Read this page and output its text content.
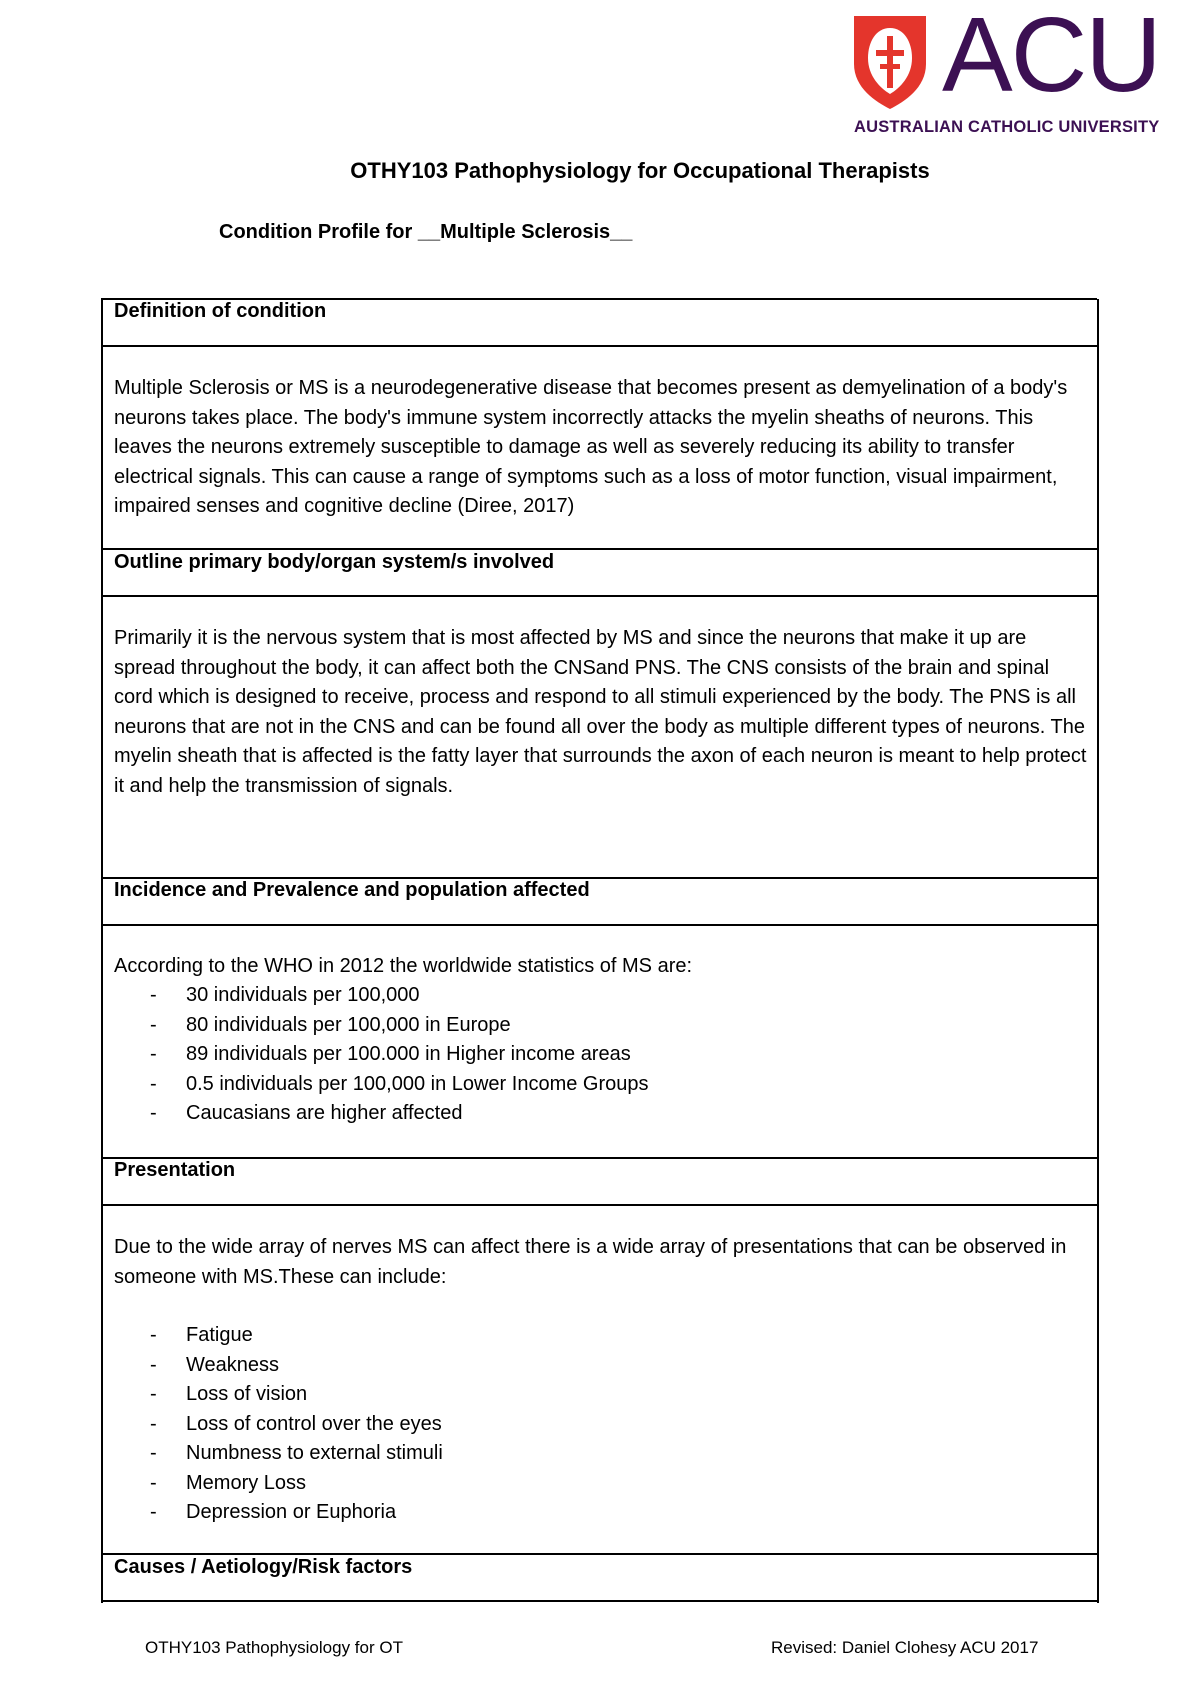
ACU
AUSTRALIAN CATHOLIC UNIVERSITY
OTHY103 Pathophysiology for Occupational Therapists
Condition Profile for __Multiple Sclerosis__
Definition of condition

Multiple Sclerosis or MS is a neurodegenerative disease that becomes present as demyelination of a body's neurons takes place. The body's immune system incorrectly attacks the myelin sheaths of neurons. This leaves the neurons extremely susceptible to damage as well as severely reducing its ability to transfer electrical signals. This can cause a range of symptoms such as a loss of motor function, visual impairment, impaired senses and cognitive decline (Diree, 2017)

Outline primary body/organ system/s involved

Primarily it is the nervous system that is most affected by MS and since the neurons that make it up are spread throughout the body, it can affect both the CNSand PNS. The CNS consists of the brain and spinal cord which is designed to receive, process and respond to all stimuli experienced by the body. The PNS is all neurons that are not in the CNS and can be found all over the body as multiple different types of neurons. The myelin sheath that is affected is the fatty layer that surrounds the axon of each neuron is meant to help protect it and help the transmission of signals.

Incidence and Prevalence and population affected

According to the WHO in 2012 the worldwide statistics of MS are:

- 30 individuals per 100,000
- 80 individuals per 100,000 in Europe
- 89 individuals per 100.000 in Higher income areas
- 0.5 individuals per 100,000 in Lower Income Groups
- Caucasians are higher affected
Presentation

Due to the wide array of nerves MS can affect there is a wide array of presentations that can be observed in someone with MS.These can include:

- Fatigue
- Weakness
- Loss of vision
- Loss of control over the eyes
- Numbness to external stimuli
- Memory Loss
- Depression or Euphoria
Causes / Aetiology/Risk factors
OTHY103 Pathophysiology for OT	Revised: Daniel Clohesy ACU 2017
